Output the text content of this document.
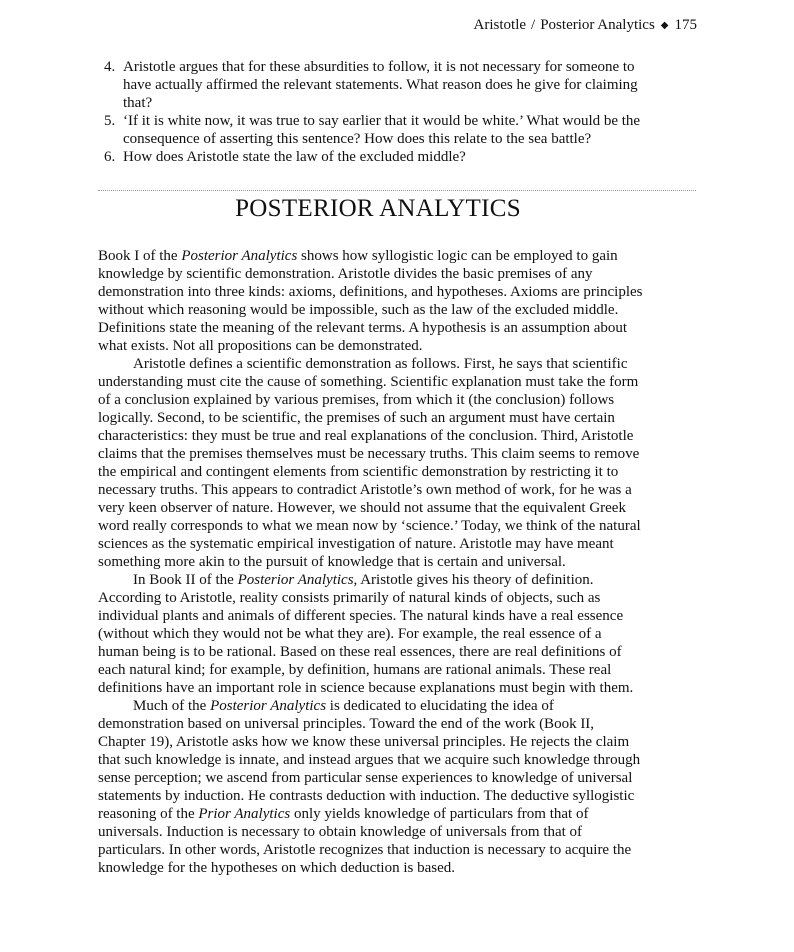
Aristotle / Posterior Analytics ◆ 175
4. Aristotle argues that for these absurdities to follow, it is not necessary for someone to have actually affirmed the relevant statements. What reason does he give for claiming that?
5. ‘If it is white now, it was true to say earlier that it would be white.’ What would be the consequence of asserting this sentence? How does this relate to the sea battle?
6. How does Aristotle state the law of the excluded middle?
POSTERIOR ANALYTICS

Book I of the Posterior Analytics shows how syllogistic logic can be employed to gain knowledge by scientific demonstration. Aristotle divides the basic premises of any demonstration into three kinds: axioms, definitions, and hypotheses. Axioms are principles without which reasoning would be impossible, such as the law of the excluded middle. Definitions state the meaning of the relevant terms. A hypothesis is an assumption about what exists. Not all propositions can be demonstrated.

Aristotle defines a scientific demonstration as follows. First, he says that scientific understanding must cite the cause of something. Scientific explanation must take the form of a conclusion explained by various premises, from which it (the conclusion) follows logically. Second, to be scientific, the premises of such an argument must have certain characteristics: they must be true and real explanations of the conclusion. Third, Aristotle claims that the premises themselves must be necessary truths. This claim seems to remove the empirical and contingent elements from scientific demonstration by restricting it to necessary truths. This appears to contradict Aristotle’s own method of work, for he was a very keen observer of nature. However, we should not assume that the equivalent Greek word really corresponds to what we mean now by ‘science.’ Today, we think of the natural sciences as the systematic empirical investigation of nature. Aristotle may have meant something more akin to the pursuit of knowledge that is certain and universal.

In Book II of the Posterior Analytics, Aristotle gives his theory of definition. According to Aristotle, reality consists primarily of natural kinds of objects, such as individual plants and animals of different species. The natural kinds have a real essence (without which they would not be what they are). For example, the real essence of a human being is to be rational. Based on these real essences, there are real definitions of each natural kind; for example, by definition, humans are rational animals. These real definitions have an important role in science because explanations must begin with them.

Much of the Posterior Analytics is dedicated to elucidating the idea of demonstration based on universal principles. Toward the end of the work (Book II, Chapter 19), Aristotle asks how we know these universal principles. He rejects the claim that such knowledge is innate, and instead argues that we acquire such knowledge through sense perception; we ascend from particular sense experiences to knowledge of universal statements by induction. He contrasts deduction with induction. The deductive syllogistic reasoning of the Prior Analytics only yields knowledge of particulars from that of universals. Induction is necessary to obtain knowledge of universals from that of particulars. In other words, Aristotle recognizes that induction is necessary to acquire the knowledge for the hypotheses on which deduction is based.
